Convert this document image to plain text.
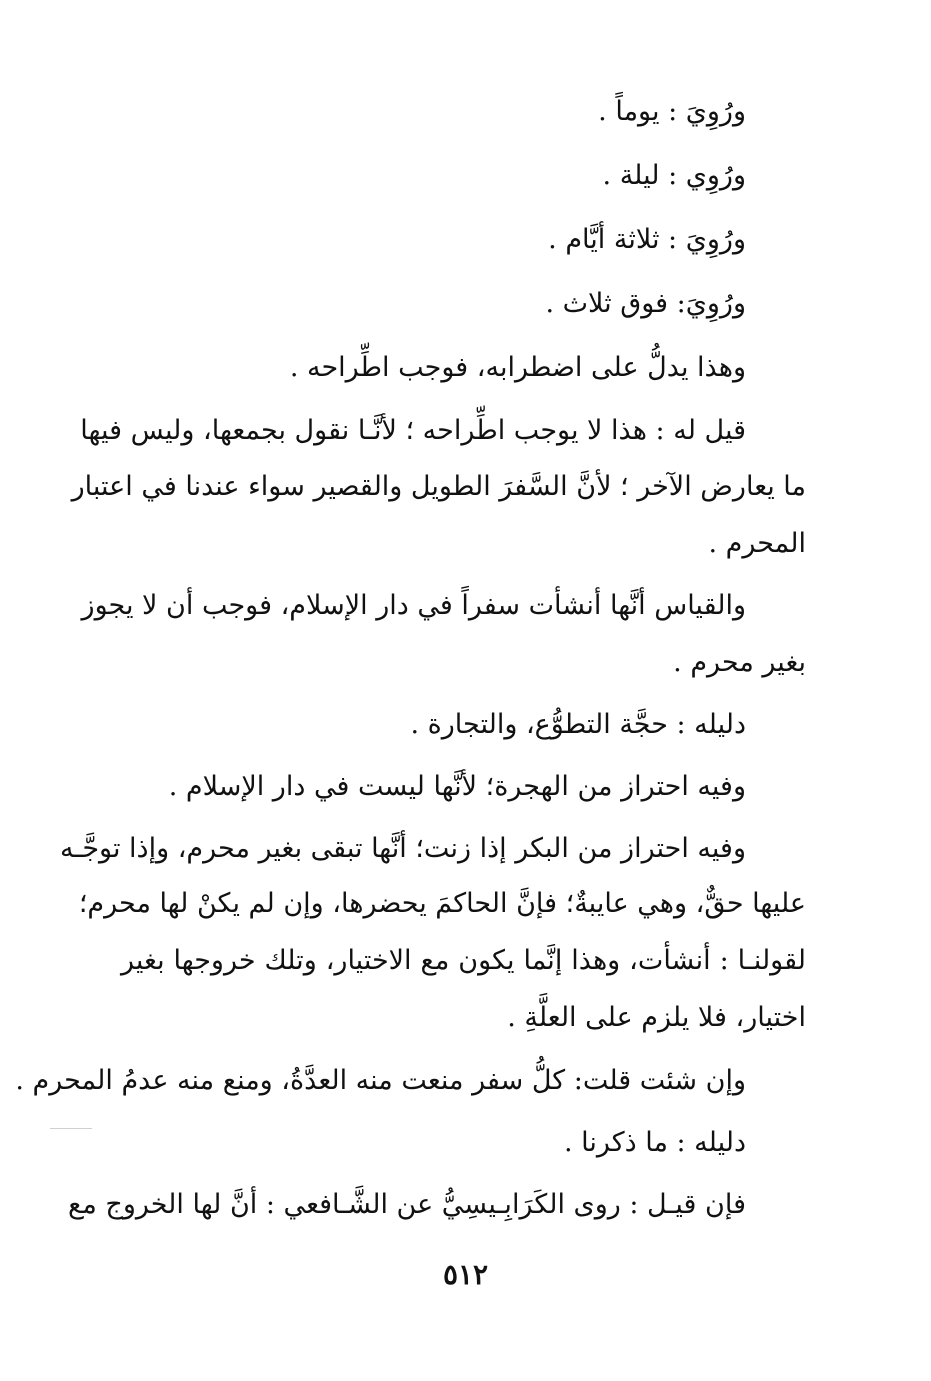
ورُوِيَ : يوماً .
ورُوِي : ليلة .
ورُوِيَ : ثلاثة أيَّام .
ورُوِيَ: فوق ثلاث .
وهذا يدلُّ على اضطرابه، فوجب اطِّراحه .
قيل له : هذا لا يوجب اطِّراحه ؛ لأنَّـا نقول بجمعها، وليس فيها
ما يعارض الآخر ؛ لأنَّ السَّفرَ الطويل والقصير سواء عندنا في اعتبار
المحرم .
والقياس أنَّها أنشأت سفراً في دار الإسلام، فوجب أن لا يجوز
بغير محرم .
دليله : حجَّة التطوُّع، والتجارة .
وفيه احتراز من الهجرة؛ لأنَّها ليست في دار الإسلام .
وفيه احتراز من البكر إذا زنت؛ أنَّها تبقى بغير محرم، وإذا توجَّـه
عليها حقٌّ، وهي عايبةٌ؛ فإنَّ الحاكمَ يحضرها، وإن لم يكنْ لها محرم؛
لقولنـا : أنشأت، وهذا إنَّما يكون مع الاختيار، وتلك خروجها بغير
اختيار، فلا يلزم على العلَّةِ .
وإن شئت قلت: كلُّ سفر منعت منه العدَّةُ، ومنع منه عدمُ المحرم .
دليله : ما ذكرنا .
فإن قيـل : روى الكَرَابِـيسِيُّ عن الشَّـافعي : أنَّ لها الخروج مع
٥١٢
